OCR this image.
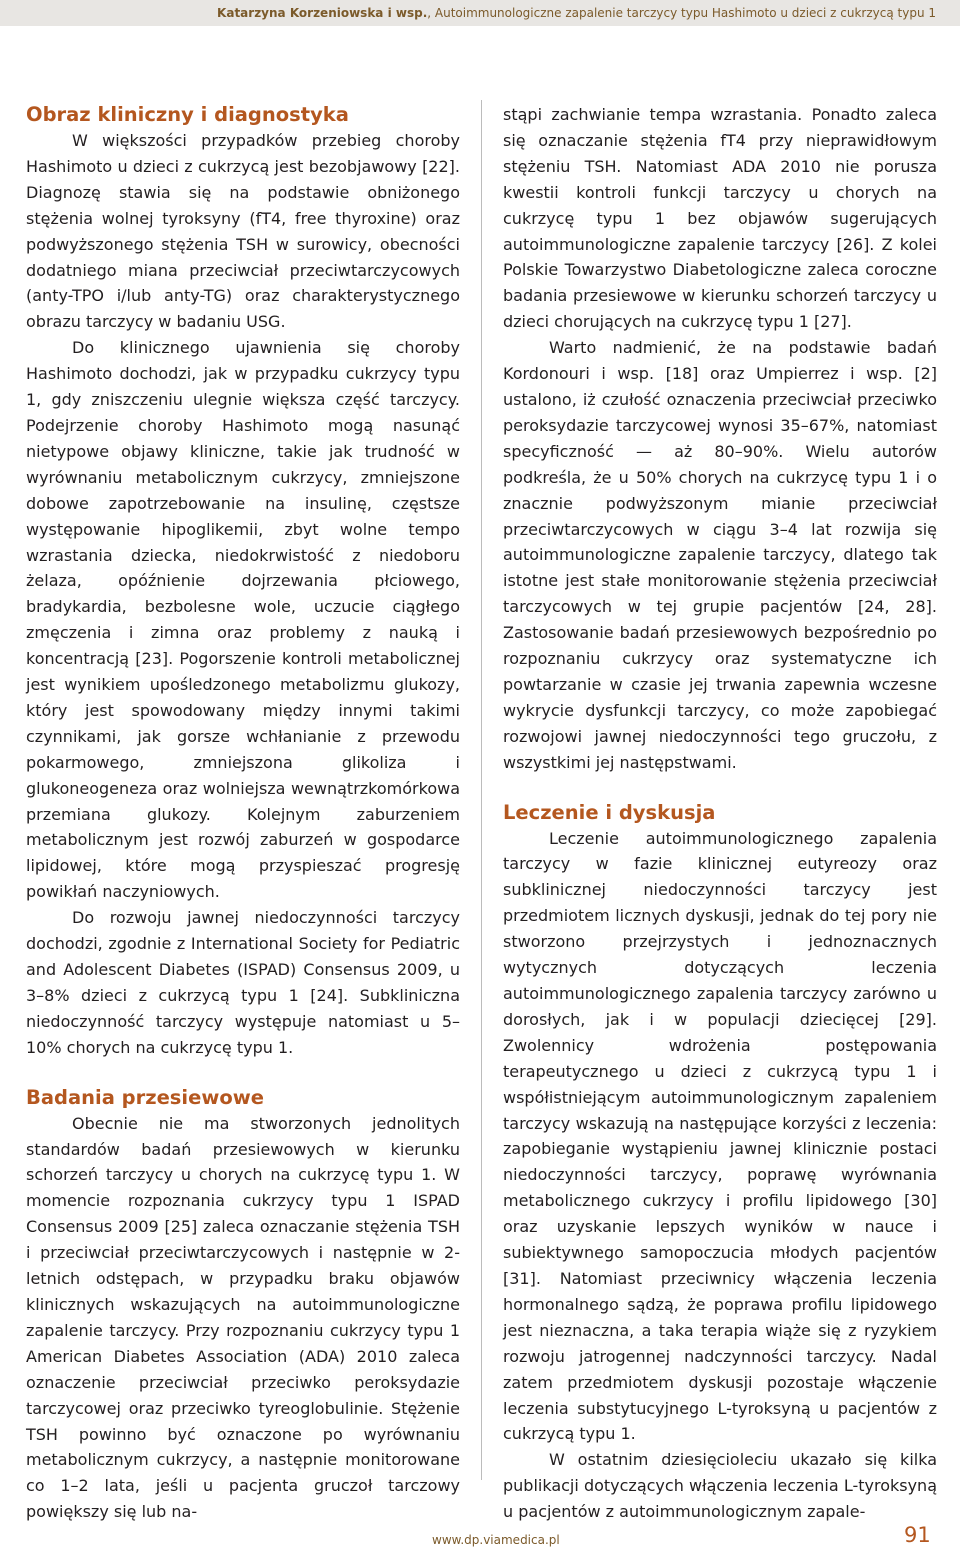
Katarzyna Korzeniowska i wsp., Autoimmunologiczne zapalenie tarczycy typu Hashimoto u dzieci z cukrzycą typu 1
Obraz kliniczny i diagnostyka

W większości przypadków przebieg choroby Hashimoto u dzieci z cukrzycą jest bezobjawowy [22]. Diagnozę stawia się na podstawie obniżonego stężenia wolnej tyroksyny (fT4, free thyroxine) oraz podwyższonego stężenia TSH w surowicy, obecności dodatniego miana przeciwciał przeciwtarczycowych (anty-TPO i/lub anty-TG) oraz charakterystycznego obrazu tarczycy w badaniu USG.

Do klinicznego ujawnienia się choroby Hashimoto dochodzi, jak w przypadku cukrzycy typu 1, gdy zniszczeniu ulegnie większa część tarczycy. Podejrzenie choroby Hashimoto mogą nasunąć nietypowe objawy kliniczne, takie jak trudność w wyrównaniu metabolicznym cukrzycy, zmniejszone dobowe zapotrzebowanie na insulinę, częstsze występowanie hipoglikemii, zbyt wolne tempo wzrastania dziecka, niedokrwistość z niedoboru żelaza, opóźnienie dojrzewania płciowego, bradykardia, bezbolesne wole, uczucie ciągłego zmęczenia i zimna oraz problemy z nauką i koncentracją [23]. Pogorszenie kontroli metabolicznej jest wynikiem upośledzonego metabolizmu glukozy, który jest spowodowany między innymi takimi czynnikami, jak gorsze wchłanianie z przewodu pokarmowego, zmniejszona glikoliza i glukoneogeneza oraz wolniejsza wewnątrzkomórkowa przemiana glukozy. Kolejnym zaburzeniem metabolicznym jest rozwój zaburzeń w gospodarce lipidowej, które mogą przyspieszać progresję powikłań naczyniowych.

Do rozwoju jawnej niedoczynności tarczycy dochodzi, zgodnie z International Society for Pediatric and Adolescent Diabetes (ISPAD) Consensus 2009, u 3–8% dzieci z cukrzycą typu 1 [24]. Subkliniczna niedoczynność tarczycy występuje natomiast u 5–10% chorych na cukrzycę typu 1.

Badania przesiewowe

Obecnie nie ma stworzonych jednolitych standardów badań przesiewowych w kierunku schorzeń tarczycy u chorych na cukrzycę typu 1. W momencie rozpoznania cukrzycy typu 1 ISPAD Consensus 2009 [25] zaleca oznaczanie stężenia TSH i przeciwciał przeciwtarczycowych i następnie w 2-letnich odstępach, w przypadku braku objawów klinicznych wskazujących na autoimmunologiczne zapalenie tarczycy. Przy rozpoznaniu cukrzycy typu 1 American Diabetes Association (ADA) 2010 zaleca oznaczenie przeciwciał przeciwko peroksydazie tarczycowej oraz przeciwko tyreoglobulinie. Stężenie TSH powinno być oznaczone po wyrównaniu metabolicznym cukrzycy, a następnie monitorowane co 1–2 lata, jeśli u pacjenta gruczoł tarczowy powiększy się lub na-

stąpi zachwianie tempa wzrastania. Ponadto zaleca się oznaczanie stężenia fT4 przy nieprawidłowym stężeniu TSH. Natomiast ADA 2010 nie porusza kwestii kontroli funkcji tarczycy u chorych na cukrzycę typu 1 bez objawów sugerujących autoimmunologiczne zapalenie tarczycy [26]. Z kolei Polskie Towarzystwo Diabetologiczne zaleca coroczne badania przesiewowe w kierunku schorzeń tarczycy u dzieci chorujących na cukrzycę typu 1 [27].

Warto nadmienić, że na podstawie badań Kordonouri i wsp. [18] oraz Umpierrez i wsp. [2] ustalono, iż czułość oznaczenia przeciwciał przeciwko peroksydazie tarczycowej wynosi 35–67%, natomiast specyficzność — aż 80–90%. Wielu autorów podkreśla, że u 50% chorych na cukrzycę typu 1 i o znacznie podwyższonym mianie przeciwciał przeciwtarczycowych w ciągu 3–4 lat rozwija się autoimmunologiczne zapalenie tarczycy, dlatego tak istotne jest stałe monitorowanie stężenia przeciwciał tarczycowych w tej grupie pacjentów [24, 28]. Zastosowanie badań przesiewowych bezpośrednio po rozpoznaniu cukrzycy oraz systematyczne ich powtarzanie w czasie jej trwania zapewnia wczesne wykrycie dysfunkcji tarczycy, co może zapobiegać rozwojowi jawnej niedoczynności tego gruczołu, z wszystkimi jej następstwami.

Leczenie i dyskusja

Leczenie autoimmunologicznego zapalenia tarczycy w fazie klinicznej eutyreozy oraz subklinicznej niedoczynności tarczycy jest przedmiotem licznych dyskusji, jednak do tej pory nie stworzono przejrzystych i jednoznacznych wytycznych dotyczących leczenia autoimmunologicznego zapalenia tarczycy zarówno u dorosłych, jak i w populacji dziecięcej [29]. Zwolennicy wdrożenia postępowania terapeutycznego u dzieci z cukrzycą typu 1 i współistniejącym autoimmunologicznym zapaleniem tarczycy wskazują na następujące korzyści z leczenia: zapobieganie wystąpieniu jawnej klinicznie postaci niedoczynności tarczycy, poprawę wyrównania metabolicznego cukrzycy i profilu lipidowego [30] oraz uzyskanie lepszych wyników w nauce i subiektywnego samopoczucia młodych pacjentów [31]. Natomiast przeciwnicy włączenia leczenia hormonalnego sądzą, że poprawa profilu lipidowego jest nieznaczna, a taka terapia wiąże się z ryzykiem rozwoju jatrogennej nadczynności tarczycy. Nadal zatem przedmiotem dyskusji pozostaje włączenie leczenia substytucyjnego L-tyroksyną u pacjentów z cukrzycą typu 1.

W ostatnim dziesięcioleciu ukazało się kilka publikacji dotyczących włączenia leczenia L-tyroksyną u pacjentów z autoimmunologicznym zapale-

www.dp.viamedica.pl	91
